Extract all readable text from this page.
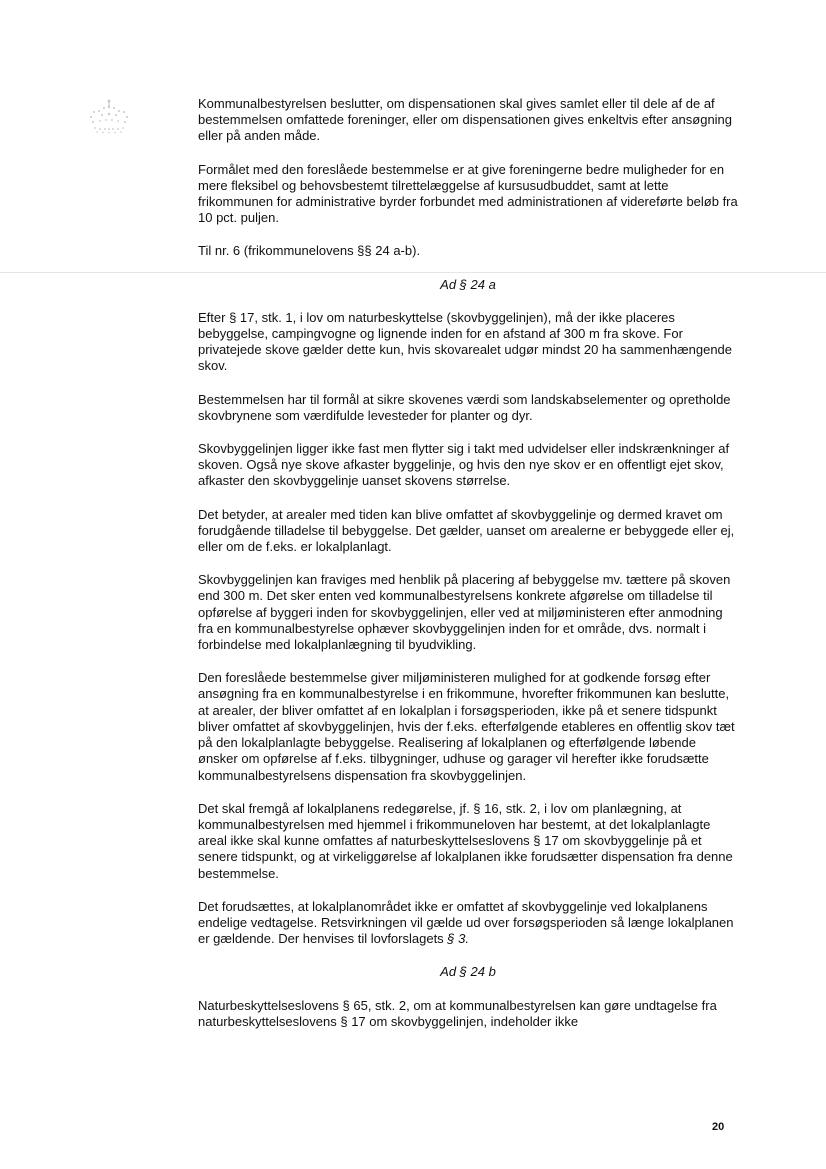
Kommunalbestyrelsen beslutter, om dispensationen skal gives samlet eller til dele af de af bestemmelsen omfattede foreninger, eller om dispensationen gives enkeltvis efter ansøgning eller på anden måde.

Formålet med den foreslåede bestemmelse er at give foreningerne bedre muligheder for en mere fleksibel og behovsbestemt tilrettelæggelse af kursusudbuddet, samt at lette frikommunen for administrative byrder forbundet med administrationen af videreførte beløb fra 10 pct. puljen.

Til nr. 6 (frikommunelovens §§ 24 a-b).

Ad § 24 a

Efter § 17, stk. 1, i lov om naturbeskyttelse (skovbyggelinjen), må der ikke placeres bebyggelse, campingvogne og lignende inden for en afstand af 300 m fra skove. For privatejede skove gælder dette kun, hvis skovarealet udgør mindst 20 ha sammenhængende skov.

Bestemmelsen har til formål at sikre skovenes værdi som landskabselementer og opretholde skovbrynene som værdifulde levesteder for planter og dyr.

Skovbyggelinjen ligger ikke fast men flytter sig i takt med udvidelser eller indskrænkninger af skoven. Også nye skove afkaster byggelinje, og hvis den nye skov er en offentligt ejet skov, afkaster den skovbyggelinje uanset skovens størrelse.

Det betyder, at arealer med tiden kan blive omfattet af skovbyggelinje og dermed kravet om forudgående tilladelse til bebyggelse. Det gælder, uanset om arealerne er bebyggede eller ej, eller om de f.eks. er lokalplanlagt.

Skovbyggelinjen kan fraviges med henblik på placering af bebyggelse mv. tættere på skoven end 300 m. Det sker enten ved kommunalbestyrelsens konkrete afgørelse om tilladelse til opførelse af byggeri inden for skovbyggelinjen, eller ved at miljøministeren efter anmodning fra en kommunalbestyrelse ophæver skovbyggelinjen inden for et område, dvs. normalt i forbindelse med lokalplanlægning til byudvikling.

Den foreslåede bestemmelse giver miljøministeren mulighed for at godkende forsøg efter ansøgning fra en kommunalbestyrelse i en frikommune, hvorefter frikommunen kan beslutte, at arealer, der bliver omfattet af en lokalplan i forsøgsperioden, ikke på et senere tidspunkt bliver omfattet af skovbyggelinjen, hvis der f.eks. efterfølgende etableres en offentlig skov tæt på den lokalplanlagte bebyggelse. Realisering af lokalplanen og efterfølgende løbende ønsker om opførelse af f.eks. tilbygninger, udhuse og garager vil herefter ikke forudsætte kommunalbestyrelsens dispensation fra skovbyggelinjen.

Det skal fremgå af lokalplanens redegørelse, jf. § 16, stk. 2, i lov om planlægning, at kommunalbestyrelsen med hjemmel i frikommuneloven har bestemt, at det lokalplanlagte areal ikke skal kunne omfattes af naturbeskyttelseslovens § 17 om skovbyggelinje på et senere tidspunkt, og at virkeliggørelse af lokalplanen ikke forudsætter dispensation fra denne bestemmelse.

Det forudsættes, at lokalplanområdet ikke er omfattet af skovbyggelinje ved lokalplanens endelige vedtagelse. Retsvirkningen vil gælde ud over forsøgsperioden så længe lokalplanen er gældende. Der henvises til lovforslagets § 3.

Ad § 24 b

Naturbeskyttelseslovens § 65, stk. 2, om at kommunalbestyrelsen kan gøre undtagelse fra naturbeskyttelseslovens § 17 om skovbyggelinjen, indeholder ikke

20
